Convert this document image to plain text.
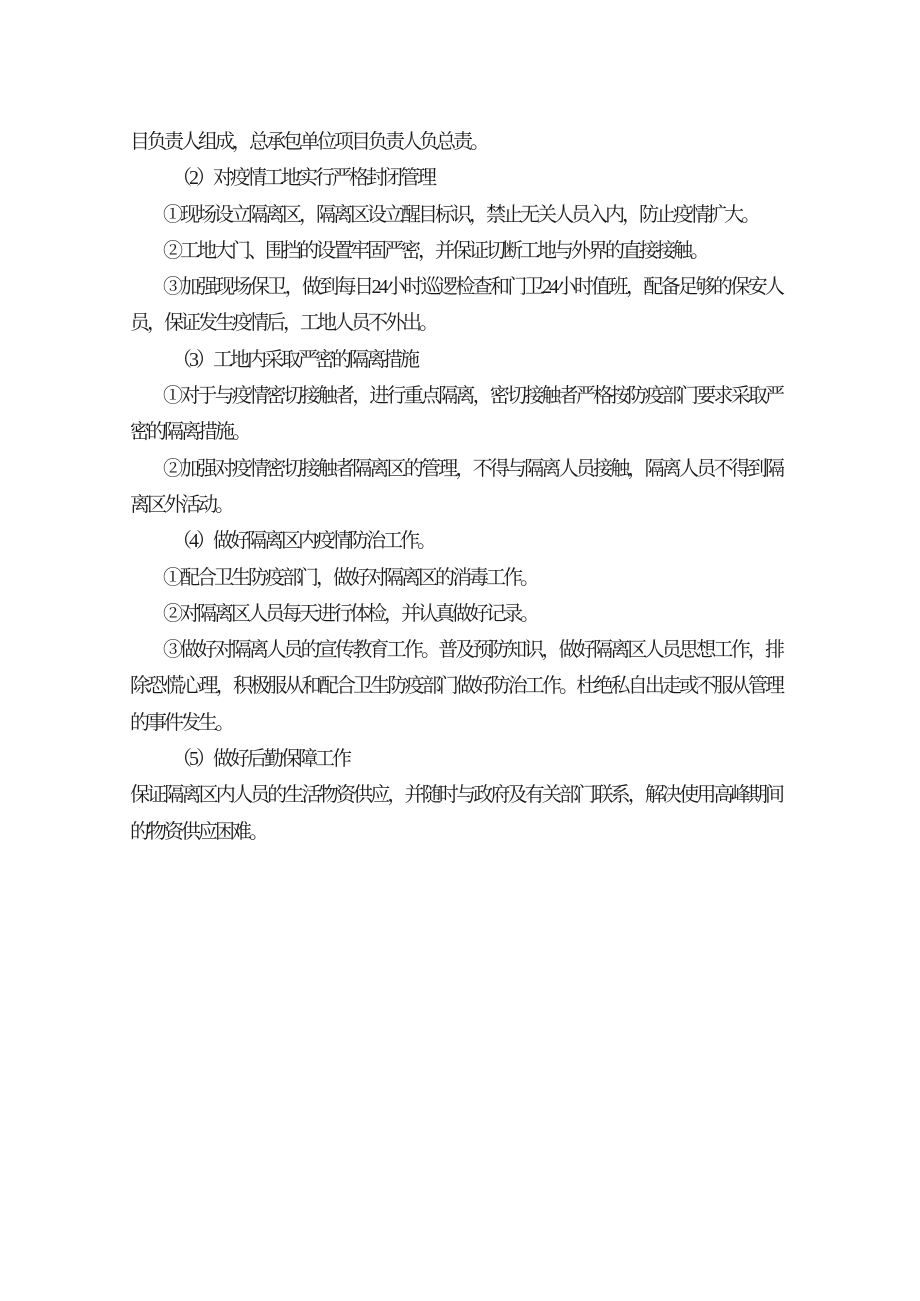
目负责人组成，总承包单位项目负责人负总责。
（2）对疫情工地实行严格封闭管理
①现场设立隔离区，隔离区设立醒目标识，禁止无关人员入内，防止疫情扩大。
②工地大门、围挡的设置牢固严密，并保证切断工地与外界的直接接触。
③加强现场保卫，做到每日24小时巡逻检查和门卫24小时值班，配备足够的保安人
员，保证发生疫情后，工地人员不外出。
（3）工地内采取严密的隔离措施
①对于与疫情密切接触者，进行重点隔离，密切接触者严格按防疫部门要求采取严
密的隔离措施。
②加强对疫情密切接触者隔离区的管理，不得与隔离人员接触，隔离人员不得到隔
离区外活动。
（4）做好隔离区内疫情防治工作。
①配合卫生防疫部门，做好对隔离区的消毒工作。
②对隔离区人员每天进行体检，并认真做好记录。
③做好对隔离人员的宣传教育工作。普及预防知识，做好隔离区人员思想工作，排
除恐慌心理，积极服从和配合卫生防疫部门做好防治工作。杜绝私自出走或不服从管理
的事件发生。
（5）做好后勤保障工作
保证隔离区内人员的生活物资供应，并随时与政府及有关部门联系，解决使用高峰期间
的物资供应困难。
